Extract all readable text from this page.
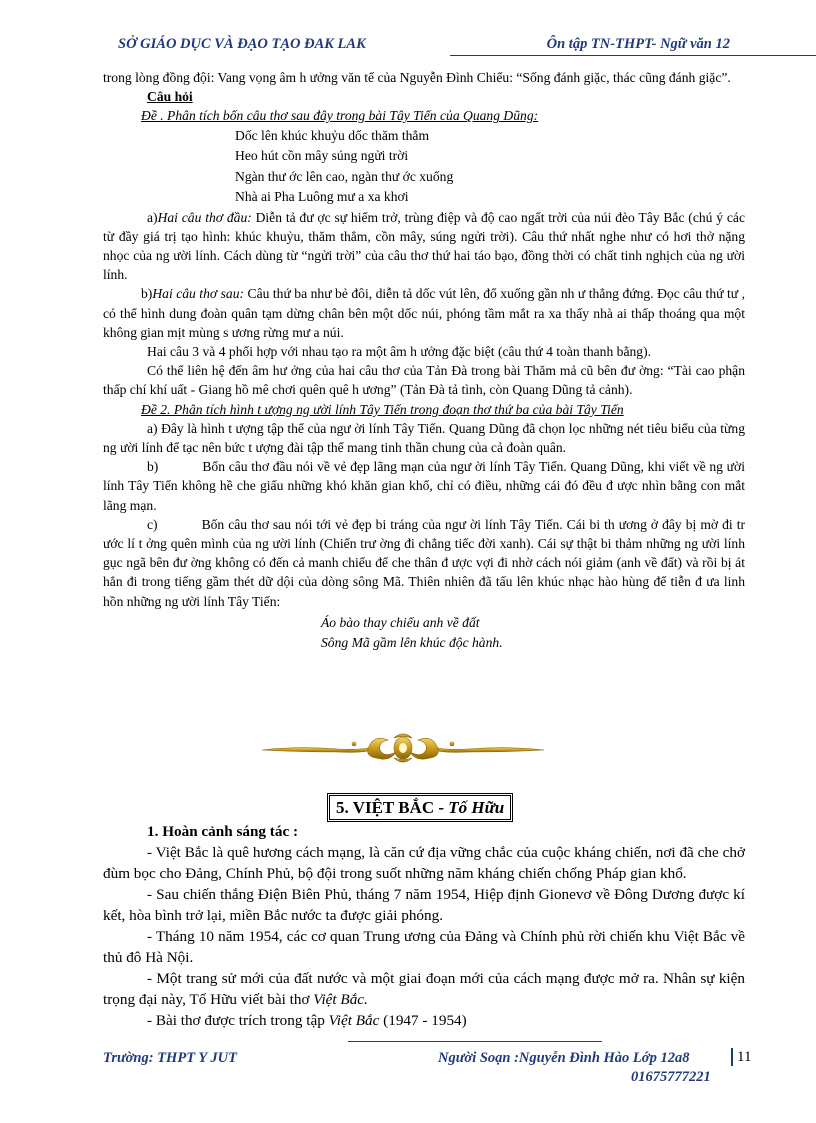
SỞ GIÁO DỤC VÀ ĐẠO TẠO ĐAK LAK	Ôn tập TN-THPT- Ngữ văn 12

trong lòng đồng đội: Vang vọng âm h ưởng văn tế của Nguyễn Đình Chiểu: “Sống đánh giặc, thác cũng đánh giặc”.

Câu hỏi

Đề . Phân tích bốn câu thơ sau đây trong bài Tây Tiến của Quang Dũng:

Dốc lên khúc khuỷu dốc thăm thẳm

Heo hút cồn mây súng ngửi trời

Ngàn thư ớc lên cao, ngàn thư ớc xuống

Nhà ai Pha Luông mư a xa khơi

a)Hai câu thơ đầu: Diễn tả đư ợc sự hiểm trở, trùng điệp và độ cao ngất trời của núi đèo Tây Bắc (chú ý các từ đầy giá trị tạo hình: khúc khuỷu, thăm thẳm, cồn mây, súng ngửi trời). Câu thứ nhất nghe như có hơi thở nặng nhọc của ng ười lính. Cách dùng từ “ngửi trời” của câu thơ thứ hai táo bạo, đồng thời có chất tinh nghịch của ng ười lính.

b)Hai câu thơ sau: Câu thứ ba như bẻ đôi, diễn tả dốc vút lên, đổ xuống gần nh ư thẳng đứng. Đọc câu thứ tư , có thể hình dung đoàn quân tạm dừng chân bên một dốc núi, phóng tầm mắt ra xa thấy nhà ai thấp thoáng qua một không gian mịt mùng s ương rừng mư a núi.

Hai câu 3 và 4 phối hợp với nhau tạo ra một âm h ưởng đặc biệt (câu thứ 4 toàn thanh bằng).

Có thể liên hệ đến âm hư ởng của hai câu thơ của Tản Đà trong bài Thăm mả cũ bên đư ờng: “Tài cao phận thấp chí khí uất - Giang hồ mê chơi quên quê h ương” (Tản Đà tả tình, còn Quang Dũng tả cảnh).

Đề 2. Phân tích hình t ượng ng ười lính Tây Tiến trong đoạn thơ thứ ba của bài Tây Tiến

a) Đây là hình t ượng tập thể của ngư ời lính Tây Tiến. Quang Dũng đã chọn lọc những nét tiêu biểu của từng ng ười lính để tạc nên bức t ượng đài tập thể mang tinh thần chung của cả đoàn quân.

b)	Bốn câu thơ đầu nói về vẻ đẹp lãng mạn của ngư ời lính Tây Tiến. Quang Dũng, khi viết về ng ười lính Tây Tiến không hề che giấu những khó khăn gian khổ, chỉ có điều, những cái đó đều đ ược nhìn bằng con mắt lãng mạn.

c)	Bốn câu thơ sau nói tới vẻ đẹp bi tráng của ngư ời lính Tây Tiến. Cái bi th ương ở đây bị mờ đi tr ước lí t ởng quên mình của ng ười lính (Chiến trư ờng đi chẳng tiếc đời xanh). Cái sự thật bi thảm những ng ười lính gục ngã bên đư ờng không có đến cả manh chiếu để che thân đ ược vợi đi nhờ cách nói giảm (anh về đất) và rồi bị át hẳn đi trong tiếng gầm thét dữ dội của dòng sông Mã. Thiên nhiên đã tấu lên khúc nhạc hào hùng để tiễn đ ưa linh hồn những ng ười lính Tây Tiến:

Áo bào thay chiếu anh về đất

Sông Mã gầm lên khúc độc hành.

5. VIỆT BẮC - Tố Hữu

1. Hoàn cảnh sáng tác :

- Việt Bắc là quê hương cách mạng, là căn cứ địa vững chắc của cuộc kháng chiến, nơi đã che chở đùm bọc cho Đảng, Chính Phủ, bộ đội trong suốt những năm kháng chiến chống Pháp gian khổ.

- Sau chiến thắng Điện Biên Phủ, tháng 7 năm 1954, Hiệp định Gionevơ về Đông Dương được kí kết, hòa bình trở lại, miền Bắc nước ta được giải phóng.

- Tháng 10 năm 1954, các cơ quan Trung ương của Đảng và Chính phủ rời chiến khu Việt Bắc về thủ đô Hà Nội.

- Một trang sử mới của đất nước và một giai đoạn mới của cách mạng được mở ra. Nhân sự kiện trọng đại này, Tố Hữu viết bài thơ Việt Bắc.

- Bài thơ được trích trong tập Việt Bắc (1947 - 1954)

Trường: THPT Y JUT	Người Soạn :Nguyễn Đình Hào Lớp 12a8
01675777221
11
